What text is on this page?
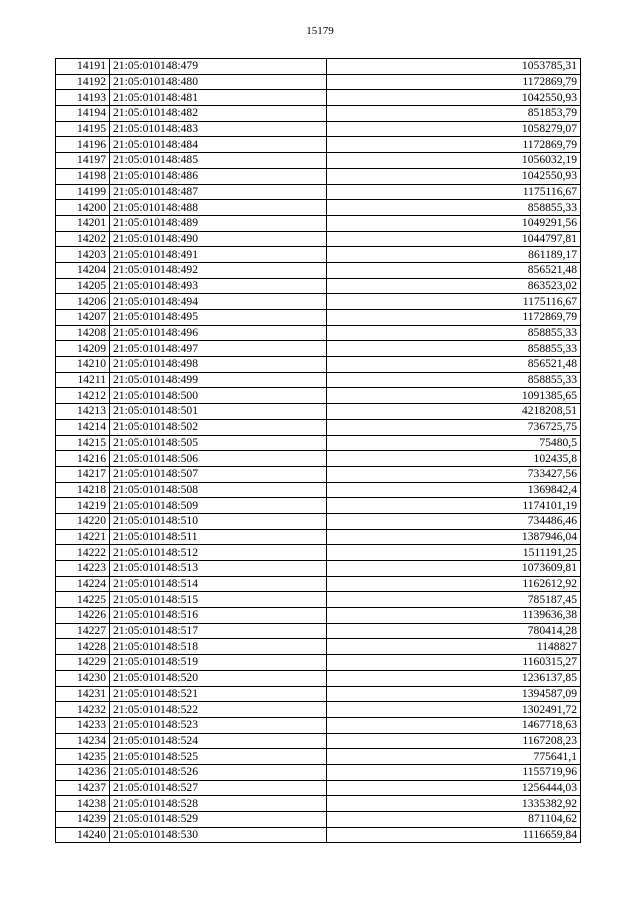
15179
14191	21:05:010148:479	1053785,31
14192	21:05:010148:480	1172869,79
14193	21:05:010148:481	1042550,93
14194	21:05:010148:482	851853,79
14195	21:05:010148:483	1058279,07
14196	21:05:010148:484	1172869,79
14197	21:05:010148:485	1056032,19
14198	21:05:010148:486	1042550,93
14199	21:05:010148:487	1175116,67
14200	21:05:010148:488	858855,33
14201	21:05:010148:489	1049291,56
14202	21:05:010148:490	1044797,81
14203	21:05:010148:491	861189,17
14204	21:05:010148:492	856521,48
14205	21:05:010148:493	863523,02
14206	21:05:010148:494	1175116,67
14207	21:05:010148:495	1172869,79
14208	21:05:010148:496	858855,33
14209	21:05:010148:497	858855,33
14210	21:05:010148:498	856521,48
14211	21:05:010148:499	858855,33
14212	21:05:010148:500	1091385,65
14213	21:05:010148:501	4218208,51
14214	21:05:010148:502	736725,75
14215	21:05:010148:505	75480,5
14216	21:05:010148:506	102435,8
14217	21:05:010148:507	733427,56
14218	21:05:010148:508	1369842,4
14219	21:05:010148:509	1174101,19
14220	21:05:010148:510	734486,46
14221	21:05:010148:511	1387946,04
14222	21:05:010148:512	1511191,25
14223	21:05:010148:513	1073609,81
14224	21:05:010148:514	1162612,92
14225	21:05:010148:515	785187,45
14226	21:05:010148:516	1139636,38
14227	21:05:010148:517	780414,28
14228	21:05:010148:518	1148827
14229	21:05:010148:519	1160315,27
14230	21:05:010148:520	1236137,85
14231	21:05:010148:521	1394587,09
14232	21:05:010148:522	1302491,72
14233	21:05:010148:523	1467718,63
14234	21:05:010148:524	1167208,23
14235	21:05:010148:525	775641,1
14236	21:05:010148:526	1155719,96
14237	21:05:010148:527	1256444,03
14238	21:05:010148:528	1335382,92
14239	21:05:010148:529	871104,62
14240	21:05:010148:530	1116659,84
